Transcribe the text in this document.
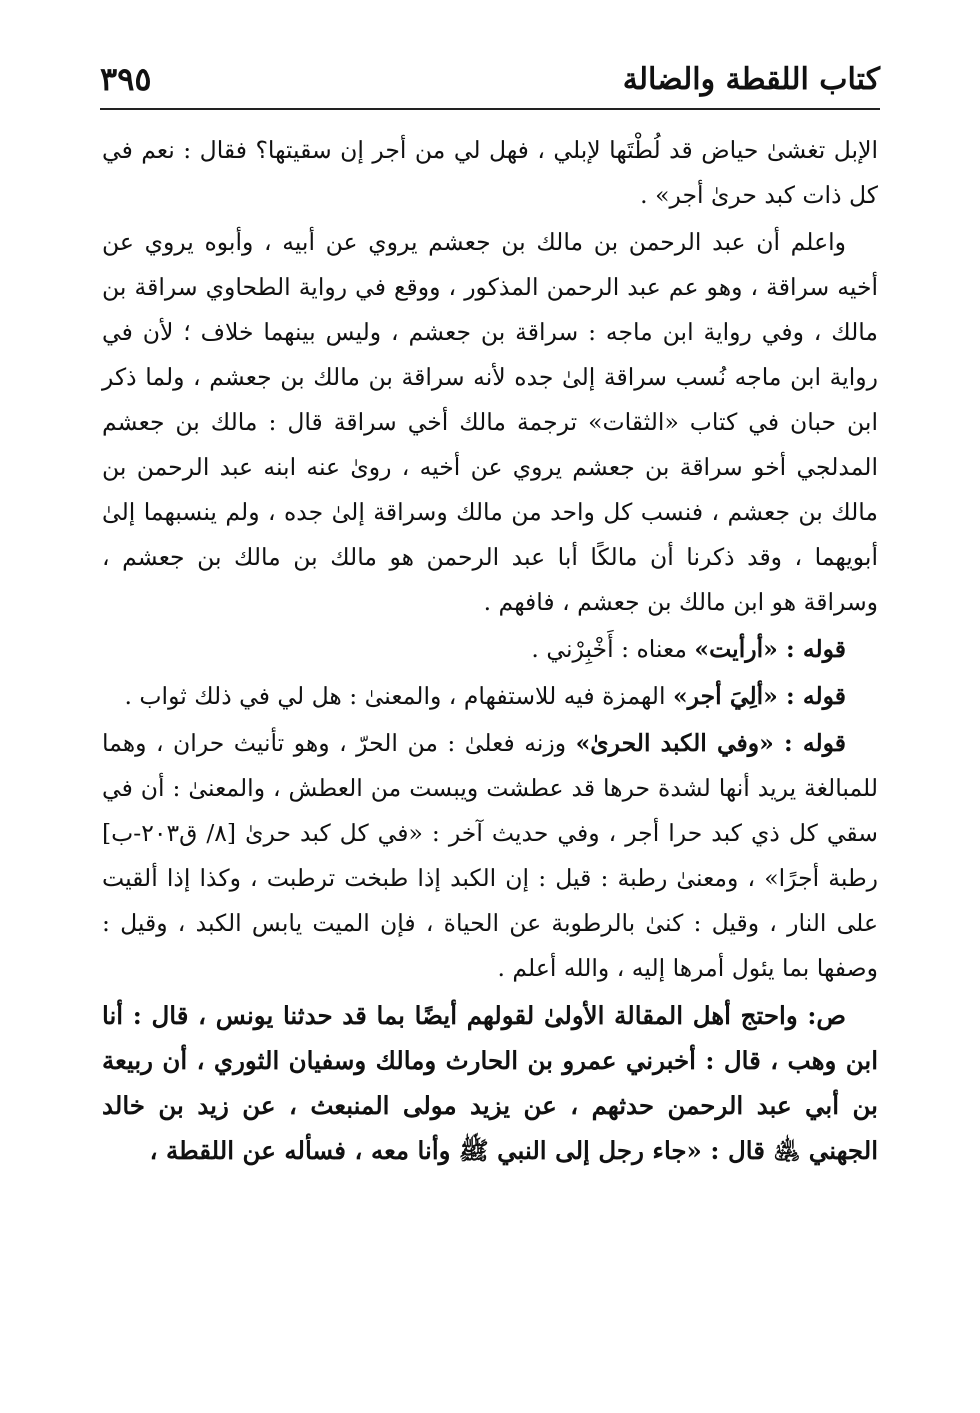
كتاب اللقطة والضالة
٣٩٥

الإبل تغشىٰ حياض قد لُطْتَها لإبلي ، فهل لي من أجر إن سقيتها؟ فقال : نعم في كل ذات كبد حرىٰ أجر» .

واعلم أن عبد الرحمن بن مالك بن جعشم يروي عن أبيه ، وأبوه يروي عن أخيه سراقة ، وهو عم عبد الرحمن المذكور ، ووقع في رواية الطحاوي سراقة بن مالك ، وفي رواية ابن ماجه : سراقة بن جعشم ، وليس بينهما خلاف ؛ لأن في رواية ابن ماجه نُسب سراقة إلىٰ جده لأنه سراقة بن مالك بن جعشم ، ولما ذكر ابن حبان في كتاب «الثقات» ترجمة مالك أخي سراقة قال : مالك بن جعشم المدلجي أخو سراقة بن جعشم يروي عن أخيه ، روىٰ عنه ابنه عبد الرحمن بن مالك بن جعشم ، فنسب كل واحد من مالك وسراقة إلىٰ جده ، ولم ينسبهما إلىٰ أبويهما ، وقد ذكرنا أن مالكًا أبا عبد الرحمن هو مالك بن مالك بن جعشم ، وسراقة هو ابن مالك بن جعشم ، فافهم .

قوله : «أرأيت» معناه : أَخْبِرْني .

قوله : «ألِيَ أجر» الهمزة فيه للاستفهام ، والمعنىٰ : هل لي في ذلك ثواب .

قوله : «وفي الكبد الحرىٰ» وزنه فعلىٰ : من الحرّ ، وهو تأنيث حران ، وهما للمبالغة يريد أنها لشدة حرها قد عطشت ويبست من العطش ، والمعنىٰ : أن في سقي كل ذي كبد حرا أجر ، وفي حديث آخر : «في كل كبد حرىٰ [٨/ ق٢٠٣-ب] رطبة أجرًا» ، ومعنىٰ رطبة : قيل : إن الكبد إذا طبخت ترطبت ، وكذا إذا ألقيت على النار ، وقيل : كنىٰ بالرطوبة عن الحياة ، فإن الميت يابس الكبد ، وقيل : وصفها بما يئول أمرها إليه ، والله أعلم .

ص: واحتج أهل المقالة الأولىٰ لقولهم أيضًا بما قد حدثنا يونس ، قال : أنا ابن وهب ، قال : أخبرني عمرو بن الحارث ومالك وسفيان الثوري ، أن ربيعة بن أبي عبد الرحمن حدثهم ، عن يزيد مولى المنبعث ، عن زيد بن خالد الجهني ﵁ قال : «جاء رجل إلى النبي ﷺ وأنا معه ، فسأله عن اللقطة ،
